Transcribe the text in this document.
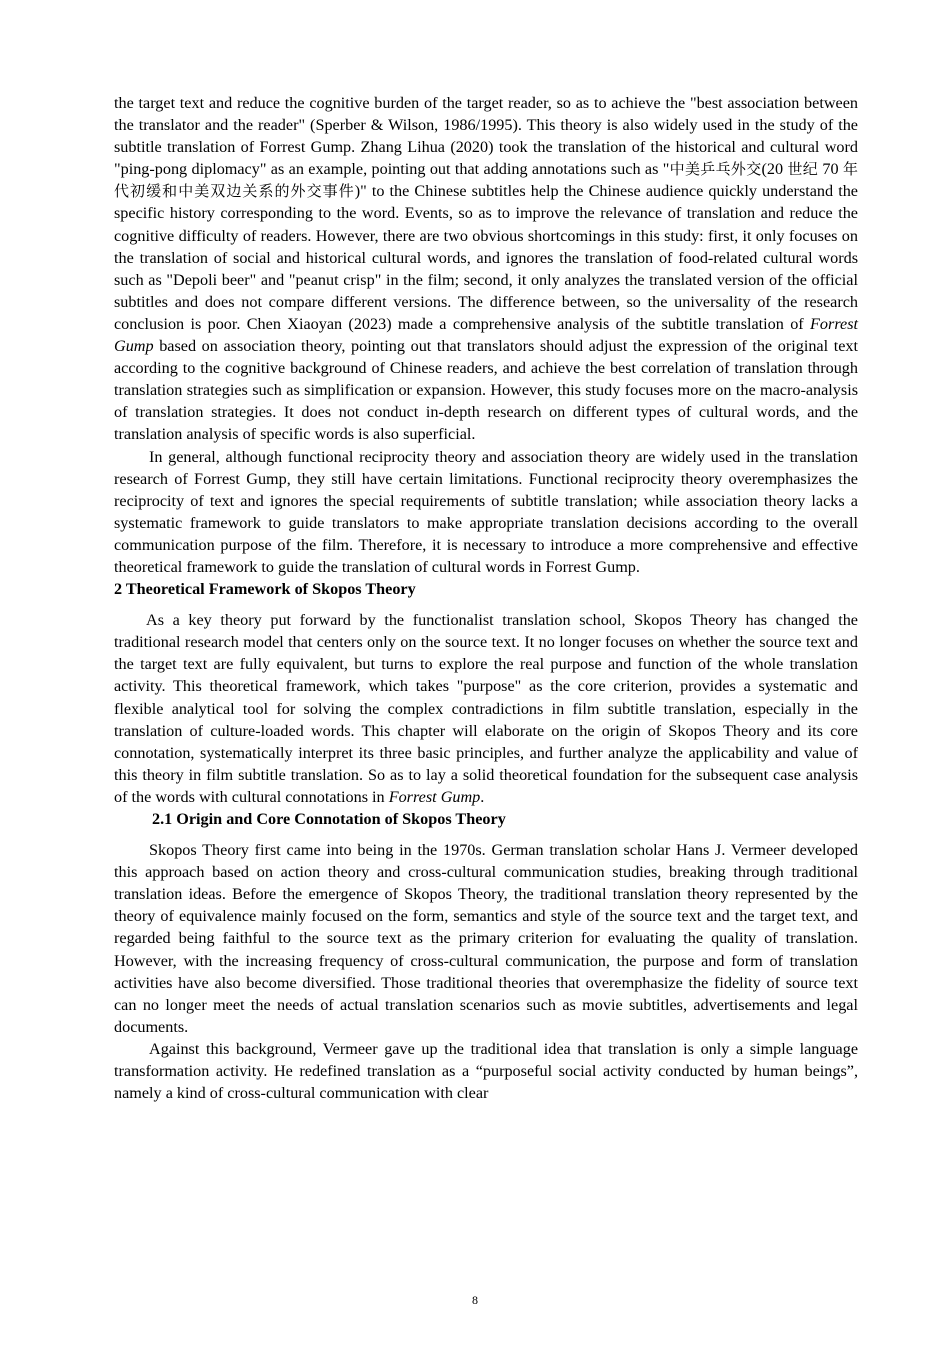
the target text and reduce the cognitive burden of the target reader, so as to achieve the "best association between the translator and the reader" (Sperber & Wilson, 1986/1995). This theory is also widely used in the study of the subtitle translation of Forrest Gump. Zhang Lihua (2020) took the translation of the historical and cultural word "ping-pong diplomacy" as an example, pointing out that adding annotations such as "中美乒乓外交(20 世纪 70 年代初缓和中美双边关系的外交事件)" to the Chinese subtitles help the Chinese audience quickly understand the specific history corresponding to the word. Events, so as to improve the relevance of translation and reduce the cognitive difficulty of readers. However, there are two obvious shortcomings in this study: first, it only focuses on the translation of social and historical cultural words, and ignores the translation of food-related cultural words such as "Depoli beer" and "peanut crisp" in the film; second, it only analyzes the translated version of the official subtitles and does not compare different versions. The difference between, so the universality of the research conclusion is poor. Chen Xiaoyan (2023) made a comprehensive analysis of the subtitle translation of Forrest Gump based on association theory, pointing out that translators should adjust the expression of the original text according to the cognitive background of Chinese readers, and achieve the best correlation of translation through translation strategies such as simplification or expansion. However, this study focuses more on the macro-analysis of translation strategies. It does not conduct in-depth research on different types of cultural words, and the translation analysis of specific words is also superficial.

In general, although functional reciprocity theory and association theory are widely used in the translation research of Forrest Gump, they still have certain limitations. Functional reciprocity theory overemphasizes the reciprocity of text and ignores the special requirements of subtitle translation; while association theory lacks a systematic framework to guide translators to make appropriate translation decisions according to the overall communication purpose of the film. Therefore, it is necessary to introduce a more comprehensive and effective theoretical framework to guide the translation of cultural words in Forrest Gump.

2 Theoretical Framework of Skopos Theory

As a key theory put forward by the functionalist translation school, Skopos Theory has changed the traditional research model that centers only on the source text. It no longer focuses on whether the source text and the target text are fully equivalent, but turns to explore the real purpose and function of the whole translation activity. This theoretical framework, which takes "purpose" as the core criterion, provides a systematic and flexible analytical tool for solving the complex contradictions in film subtitle translation, especially in the translation of culture-loaded words. This chapter will elaborate on the origin of Skopos Theory and its core connotation, systematically interpret its three basic principles, and further analyze the applicability and value of this theory in film subtitle translation. So as to lay a solid theoretical foundation for the subsequent case analysis of the words with cultural connotations in Forrest Gump.

2.1 Origin and Core Connotation of Skopos Theory

Skopos Theory first came into being in the 1970s. German translation scholar Hans J. Vermeer developed this approach based on action theory and cross-cultural communication studies, breaking through traditional translation ideas. Before the emergence of Skopos Theory, the traditional translation theory represented by the theory of equivalence mainly focused on the form, semantics and style of the source text and the target text, and regarded being faithful to the source text as the primary criterion for evaluating the quality of translation. However, with the increasing frequency of cross-cultural communication, the purpose and form of translation activities have also become diversified. Those traditional theories that overemphasize the fidelity of source text can no longer meet the needs of actual translation scenarios such as movie subtitles, advertisements and legal documents.

Against this background, Vermeer gave up the traditional idea that translation is only a simple language transformation activity. He redefined translation as a “purposeful social activity conducted by human beings”, namely a kind of cross-cultural communication with clear

8
